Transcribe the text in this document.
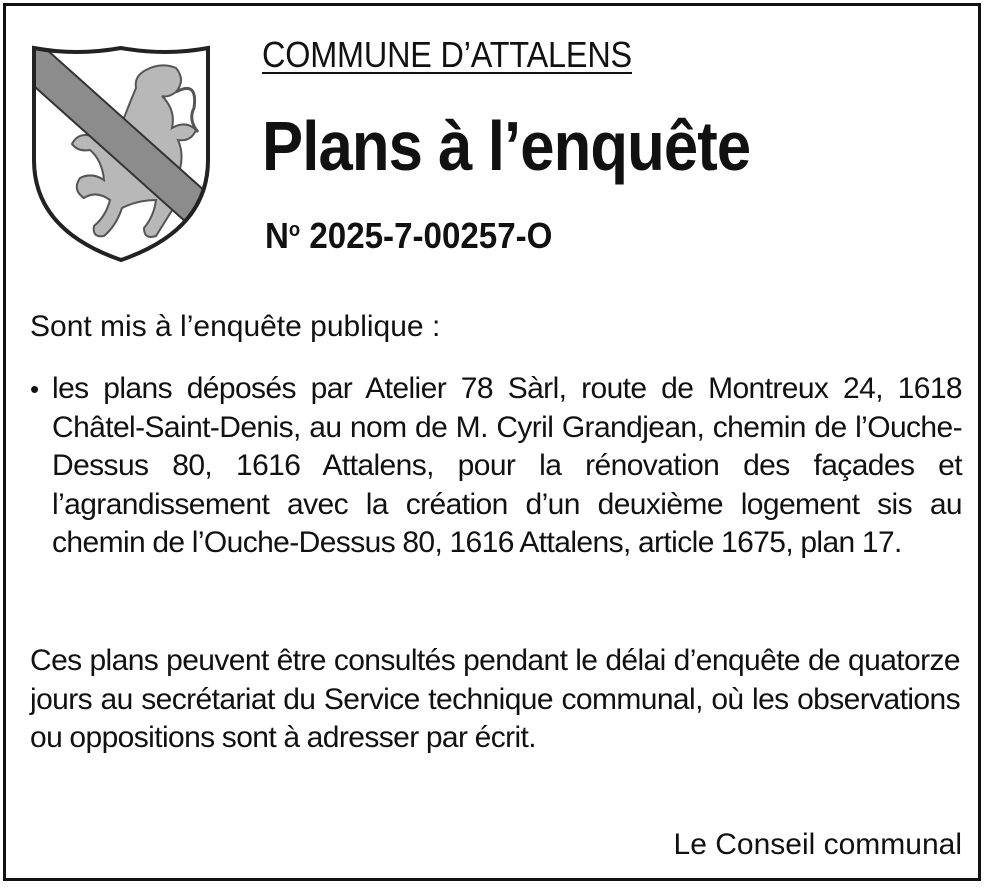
COMMUNE D’ATTALENS
Plans à l’enquête
$N^o$ 2025-7-00257-O
Sont mis à l’enquête publique :
• les plans déposés par Atelier 78 Sàrl, route de Montreux 24, 1618 Châtel-Saint-Denis, au nom de M. Cyril Grandjean, chemin de l’Ouche-Dessus 80, 1616 Attalens, pour la rénovation des façades et l’agrandissement avec la création d’un deuxième logement sis au chemin de l’Ouche-Dessus 80, 1616 Attalens, article 1675, plan 17.
Ces plans peuvent être consultés pendant le délai d’enquête de quatorze jours au secrétariat du Service technique communal, où les observations ou oppositions sont à adresser par écrit.
Le Conseil communal
